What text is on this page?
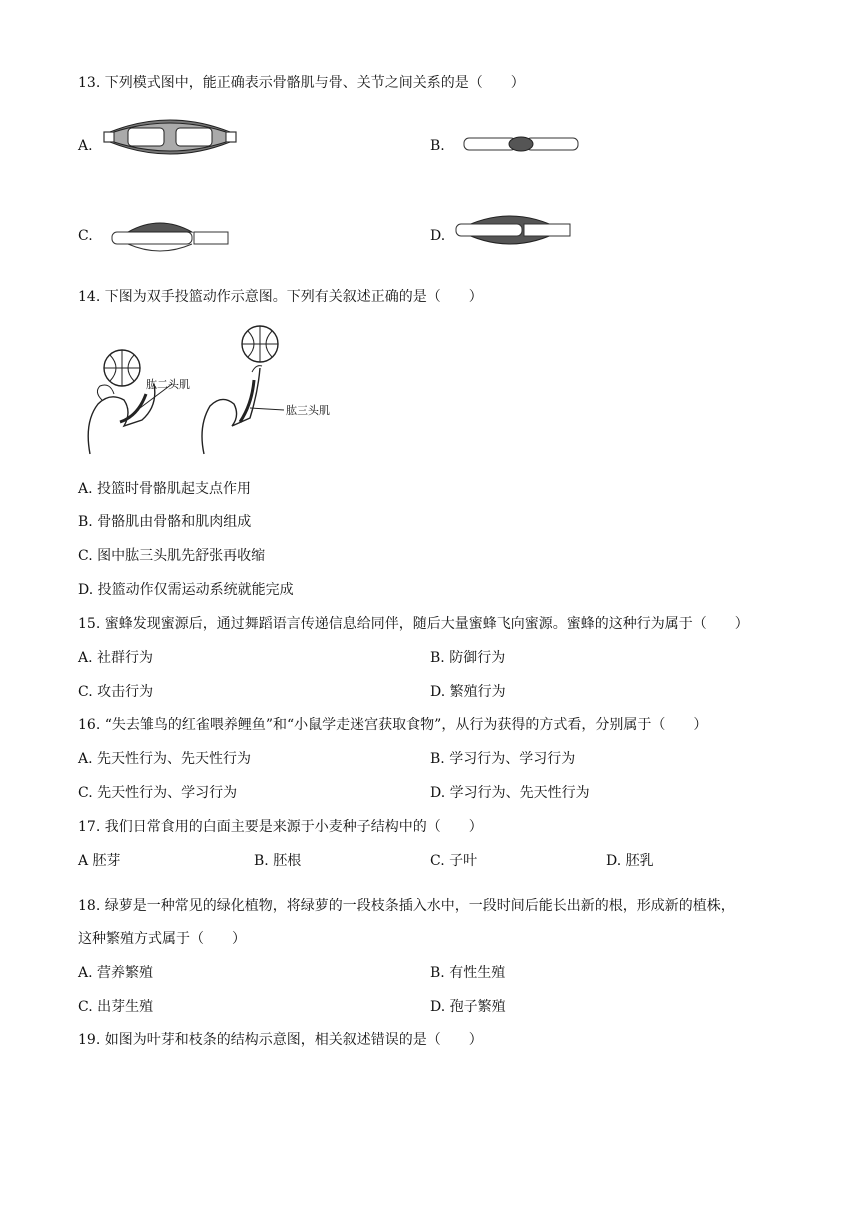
13. 下列模式图中，能正确表示骨骼肌与骨、关节之间关系的是（　　）
A.	B.
C.	D.
14. 下图为双手投篮动作示意图。下列有关叙述正确的是（　　）
肱二头肌
肱三头肌
A. 投篮时骨骼肌起支点作用
B. 骨骼肌由骨骼和肌肉组成
C. 图中肱三头肌先舒张再收缩
D. 投篮动作仅需运动系统就能完成
15. 蜜蜂发现蜜源后，通过舞蹈语言传递信息给同伴，随后大量蜜蜂飞向蜜源。蜜蜂的这种行为属于（　　）
A. 社群行为	B. 防御行为
C. 攻击行为	D. 繁殖行为
16. “失去雏鸟的红雀喂养鲤鱼”和“小鼠学走迷宫获取食物”，从行为获得的方式看，分别属于（　　）
A. 先天性行为、先天性行为	B. 学习行为、学习行为
C. 先天性行为、学习行为	D. 学习行为、先天性行为
17. 我们日常食用的白面主要是来源于小麦种子结构中的（　　）
A 胚芽	B. 胚根	C. 子叶	D. 胚乳
18. 绿萝是一种常见的绿化植物，将绿萝的一段枝条插入水中，一段时间后能长出新的根，形成新的植株，
这种繁殖方式属于（　　）
A. 营养繁殖	B. 有性生殖
C. 出芽生殖	D. 孢子繁殖
19. 如图为叶芽和枝条的结构示意图，相关叙述错误的是（　　）
